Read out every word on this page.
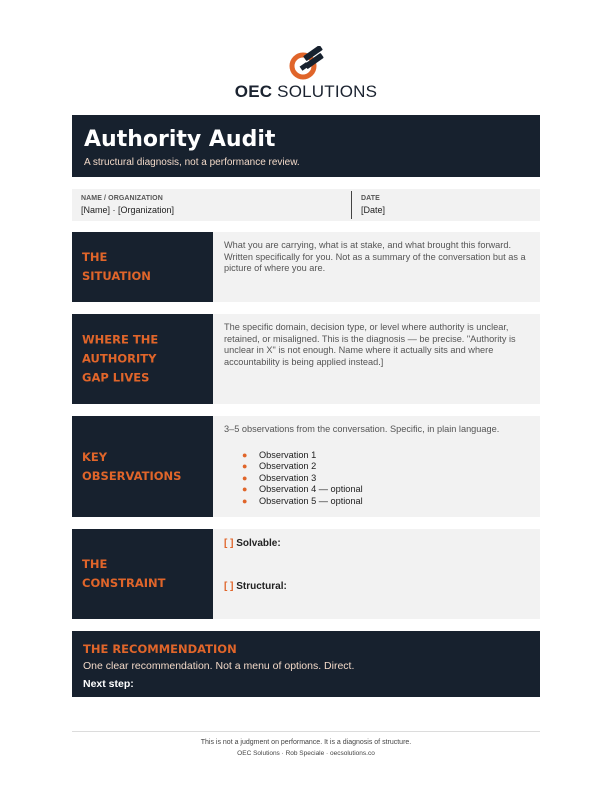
OEC SOLUTIONS
Authority Audit
A structural diagnosis, not a performance review.
NAME / ORGANIZATION
[Name] · [Organization]
DATE
[Date]
THE
SITUATION
What you are carrying, what is at stake, and what brought this forward. Written specifically for you. Not as a summary of the conversation but as a picture of where you are.
WHERE THE
AUTHORITY
GAP LIVES
The specific domain, decision type, or level where authority is unclear, retained, or misaligned. This is the diagnosis — be precise. "Authority is unclear in X" is not enough. Name where it actually sits and where accountability is being applied instead.]
KEY
OBSERVATIONS
3–5 observations from the conversation. Specific, in plain language.
● Observation 1
● Observation 2
● Observation 3
● Observation 4 — optional
● Observation 5 — optional
THE
CONSTRAINT
[ ] Solvable:
[ ] Structural:
THE RECOMMENDATION
One clear recommendation. Not a menu of options. Direct.
Next step:
This is not a judgment on performance. It is a diagnosis of structure.
OEC Solutions · Rob Speciale · oecsolutions.co
